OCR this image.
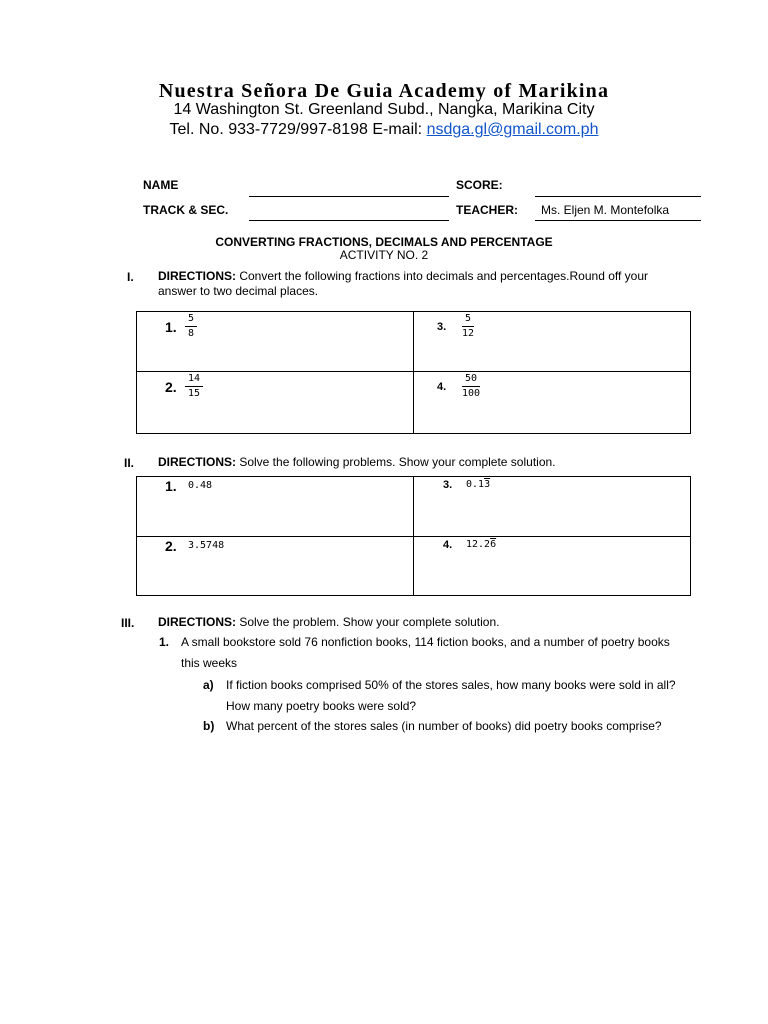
Nuestra Señora De Guia Academy of Marikina
14 Washington St. Greenland Subd., Nangka, Marikina City
Tel. No. 933-7729/997-8198 E-mail: nsdga.gl@gmail.com.ph
NAME	SCORE:
TRACK & SEC.	TEACHER: Ms. Eljen M. Montefolka
CONVERTING FRACTIONS, DECIMALS AND PERCENTAGE
ACTIVITY NO. 2
I. DIRECTIONS: Convert the following fractions into decimals and percentages.Round off your answer to two decimal places.
1. $\frac{5}{8}$	3. $\frac{5}{12}$

2. $\frac{14}{15}$	4. $\frac{50}{100}$
II. DIRECTIONS: Solve the following problems. Show your complete solution.
1. 0.48	3. 0.13

2. 3.5748	4. 12.26
III. DIRECTIONS: Solve the problem. Show your complete solution.
1. A small bookstore sold 76 nonfiction books, 114 fiction books, and a number of poetry books this weeks
a) If fiction books comprised 50% of the stores sales, how many books were sold in all? How many poetry books were sold?
b) What percent of the stores sales (in number of books) did poetry books comprise?
